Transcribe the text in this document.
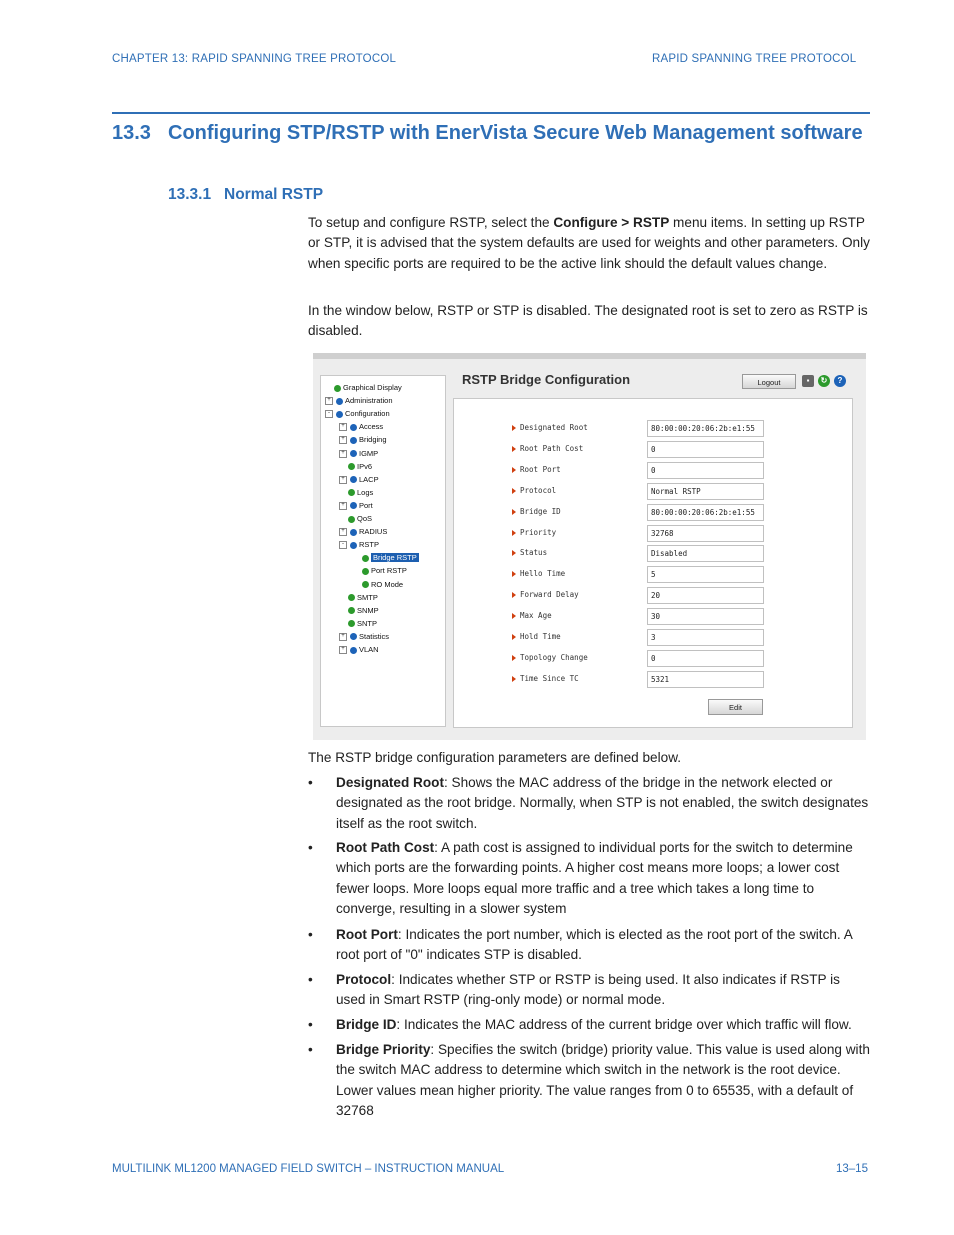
CHAPTER 13: RAPID SPANNING TREE PROTOCOL	RAPID SPANNING TREE PROTOCOL
13.3 Configuring STP/RSTP with EnerVista Secure Web Management software
13.3.1 Normal RSTP
To setup and configure RSTP, select the Configure > RSTP menu items. In setting up RSTP or STP, it is advised that the system defaults are used for weights and other parameters. Only when specific ports are required to be the active link should the default values change.
In the window below, RSTP or STP is disabled. The designated root is set to zero as RSTP is disabled.
Graphical Display
+ Administration
- Configuration
+ Access
+ Bridging
+ IGMP
IPv6
+ LACP
Logs
+ Port
QoS
+ RADIUS
- RSTP
Bridge RSTP
Port RSTP
RO Mode
SMTP
SNMP
SNTP
+ Statistics
+ VLAN
RSTP Bridge Configuration	Logout	▪	↻	?
Edit
Designated Root	80:00:00:20:06:2b:e1:55
Root Path Cost	0
Root Port	0
Protocol	Normal RSTP
Bridge ID	80:00:00:20:06:2b:e1:55
Priority	32768
Status	Disabled
Hello Time	5
Forward Delay	20
Max Age	30
Hold Time	3
Topology Change	0
Time Since TC	5321
The RSTP bridge configuration parameters are defined below.
• Designated Root: Shows the MAC address of the bridge in the network elected or designated as the root bridge. Normally, when STP is not enabled, the switch designates itself as the root switch.
• Root Path Cost: A path cost is assigned to individual ports for the switch to determine which ports are the forwarding points. A higher cost means more loops; a lower cost fewer loops. More loops equal more traffic and a tree which takes a long time to converge, resulting in a slower system
• Root Port: Indicates the port number, which is elected as the root port of the switch. A root port of "0" indicates STP is disabled.
• Protocol: Indicates whether STP or RSTP is being used. It also indicates if RSTP is used in Smart RSTP (ring-only mode) or normal mode.
• Bridge ID: Indicates the MAC address of the current bridge over which traffic will flow.
• Bridge Priority: Specifies the switch (bridge) priority value. This value is used along with the switch MAC address to determine which switch in the network is the root device. Lower values mean higher priority. The value ranges from 0 to 65535, with a default of 32768
MULTILINK ML1200 MANAGED FIELD SWITCH – INSTRUCTION MANUAL	13–15
